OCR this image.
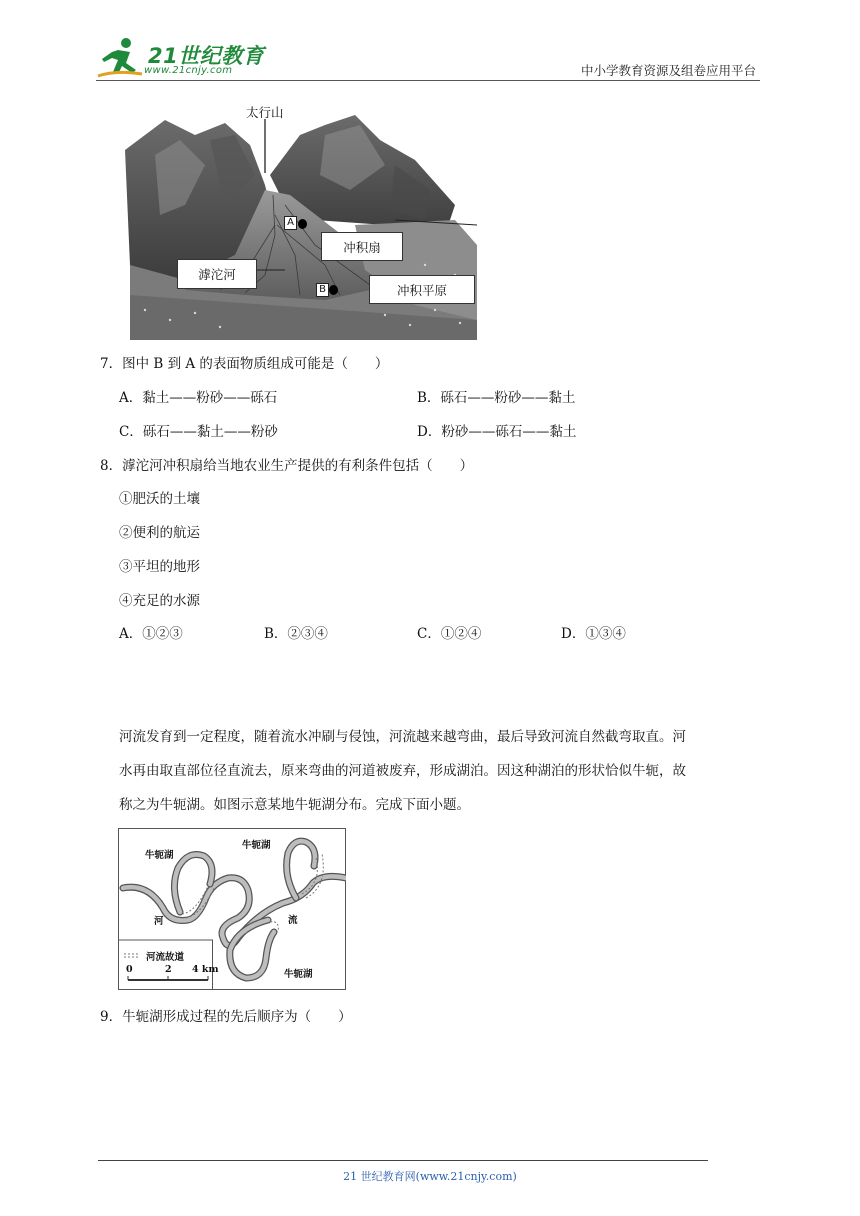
21世纪教育
www.21cnjy.com	中小学教育资源及组卷应用平台
太行山
冲积扇
滹沱河
冲积平原
A
B
7．图中 B 到 A 的表面物质组成可能是（　　）
A．黏土——粉砂——砾石	B．砾石——粉砂——黏土
C．砾石——黏土——粉砂	D．粉砂——砾石——黏土
8．滹沱河冲积扇给当地农业生产提供的有利条件包括（　　）
①肥沃的土壤
②便利的航运
③平坦的地形
④充足的水源
A．①②③	B．②③④	C．①②④	D．①③④
河流发育到一定程度，随着流水冲刷与侵蚀，河流越来越弯曲，最后导致河流自然截弯取直。河
水再由取直部位径直流去，原来弯曲的河道被废弃，形成湖泊。因这种湖泊的形状恰似牛轭，故
称之为牛轭湖。如图示意某地牛轭湖分布。完成下面小题。
牛轭湖
牛轭湖
牛轭湖
河	流
河流故道
0	2 4 km
9．牛轭湖形成过程的先后顺序为（　　）
21 世纪教育网(www.21cnjy.com)
